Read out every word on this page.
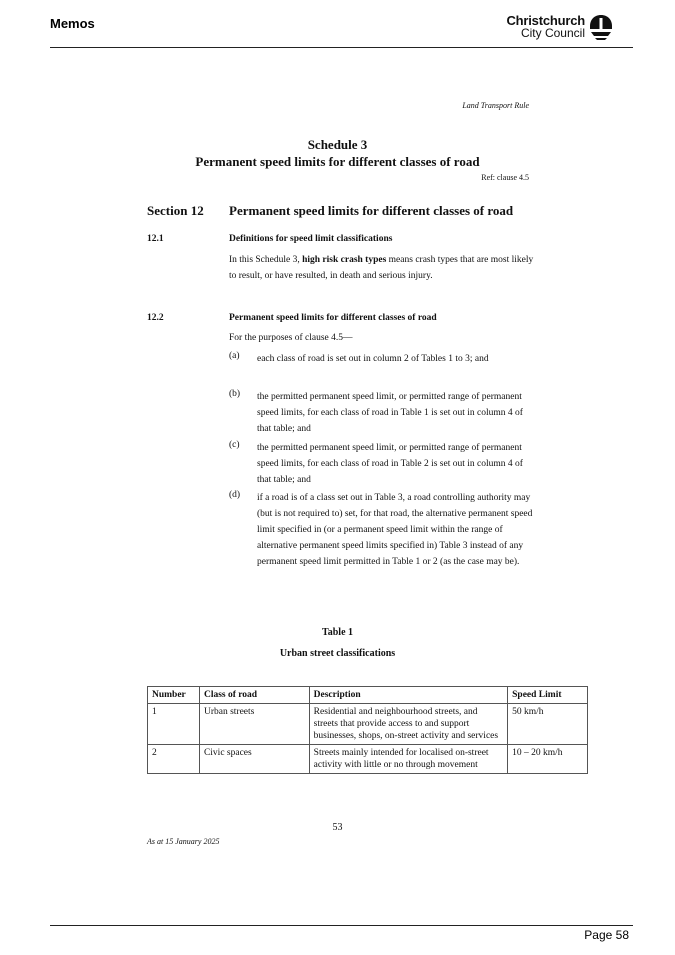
Memos	Christchurch
City Council
Land Transport Rule
Schedule 3
Permanent speed limits for different classes of road
Ref: clause 4.5
Section 12 Permanent speed limits for different classes of road
12.1	Definitions for speed limit classifications
In this Schedule 3, high risk crash types means crash types that are most likely to result, or have resulted, in death and serious injury.
12.2	Permanent speed limits for different classes of road
For the purposes of clause 4.5—
(a) each class of road is set out in column 2 of Tables 1 to 3; and
(b) the permitted permanent speed limit, or permitted range of permanent speed limits, for each class of road in Table 1 is set out in column 4 of that table; and
(c) the permitted permanent speed limit, or permitted range of permanent speed limits, for each class of road in Table 2 is set out in column 4 of that table; and
(d) if a road is of a class set out in Table 3, a road controlling authority may (but is not required to) set, for that road, the alternative permanent speed limit specified in (or a permanent speed limit within the range of alternative permanent speed limits specified in) Table 3 instead of any permanent speed limit permitted in Table 1 or 2 (as the case may be).
Table 1
Urban street classifications
Number	Class of road	Description	Speed Limit
1	Urban streets	Residential and neighbourhood streets, and streets that provide access to and support businesses, shops, on-street activity and services	50 km/h
2	Civic spaces	Streets mainly intended for localised on-street activity with little or no through movement	10 – 20 km/h
53
As at 15 January 2025
Page 58
